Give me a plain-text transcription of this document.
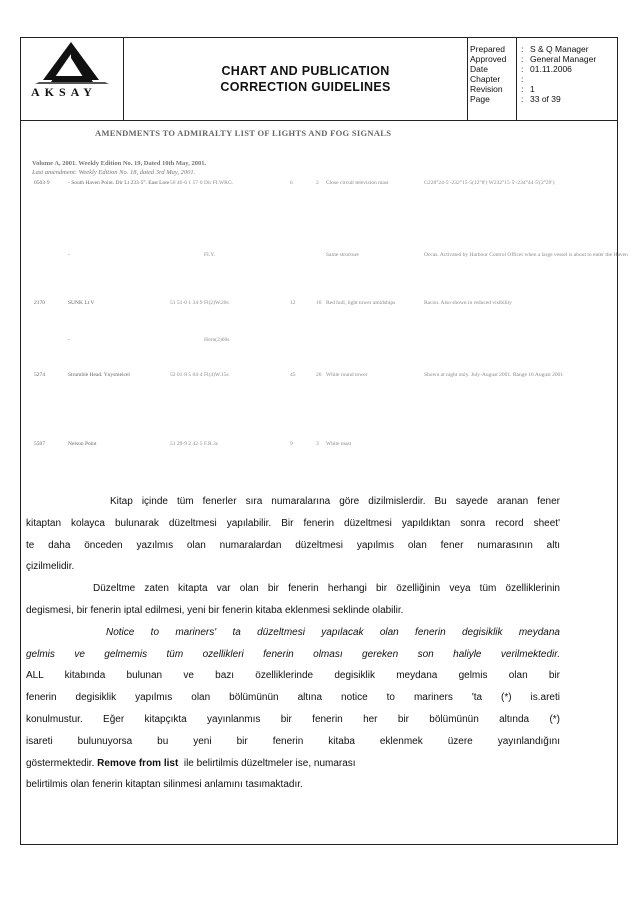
AKSAY
CHART AND PUBLICATION
CORRECTION GUIDELINES
Prepared : S & Q Manager
Approved : General Manager
Date	: 01.11.2006
Chapter :
Revision : 1
Page	: 33 of 39
AMENDMENTS TO ADMIRALTY LIST OF LIGHTS AND FOG SIGNALS
Volume A, 2001. Weekly Edition No. 19, Dated 10th May, 2001.
Last amendment: Weekly Edition No. 18, dated 3rd May, 2001.
0503·9	- South Haven Point. Dir Lt 233·5°. East Lore 50 40·6 1 57·0 Dir FI.WRG.	6	2 Close circuit television mast	G228°24·5′-232°15·5(12°8′) W232°15·5′-234°44·5′(2°29′)
-	FI.Y.	Same structure	Occas. Activated by Harbour Control Officer when a large vessel is about to enter the Haven
2170	SUNK Lt V	51 51·0 1 34·9 Fl(2)W.20s	12	16 Red hull, light tower amidships	Racon. Also shown in reduced visibility
-	Horn(2)60s
5274	Strumble Head. Ynysmeicel	52 01·8 5 04·4 Fl(4)W.15s	45	26 White round tower	Shown at night only. July-August 2001. Range 16 August 2001
5507	Nelson Point	51 29·9 2 42·5 F.R.3s	9	3 White mast
Kitap içinde tüm fenerler sıra numaralarına göre dizilmislerdir. Bu sayede aranan fener
kitaptan kolayca bulunarak düzeltmesi yapılabilir. Bir fenerin düzeltmesi yapıldıktan sonra record sheet'
te daha önceden yazılmıs olan numaralardan düzeltmesi yapılmıs olan fener numarasının altı
çizilmelidir.
Düzeltme zaten kitapta var olan bir fenerin herhangi bir özelliğinin veya tüm özelliklerinin
degismesi, bir fenerin iptal edilmesi, yeni bir fenerin kitaba eklenmesi seklinde olabilir.
Notice to mariners' ta düzeltmesi yapılacak olan fenerin degisiklik meydana
gelmis ve gelmemis tüm ozellikleri fenerin olması gereken son haliyle verilmektedir.
ALL kitabında bulunan ve bazı özelliklerinde degisiklik meydana gelmis olan bir
fenerin degisiklik yapılmıs olan bölümünün altına notice to mariners 'ta (*) is.areti
konulmustur. Eğer kitapçıkta yayınlanmıs bir fenerin her bir bölümünün altında (*)
isareti bulunuyorsa bu yeni bir fenerin kitaba eklenmek üzere yayınlandığını
göstermektedir. Remove from list ile belirtilmis düzeltmeler ise, numarası
belirtilmis olan fenerin kitaptan silinmesi anlamını tasımaktadır.
